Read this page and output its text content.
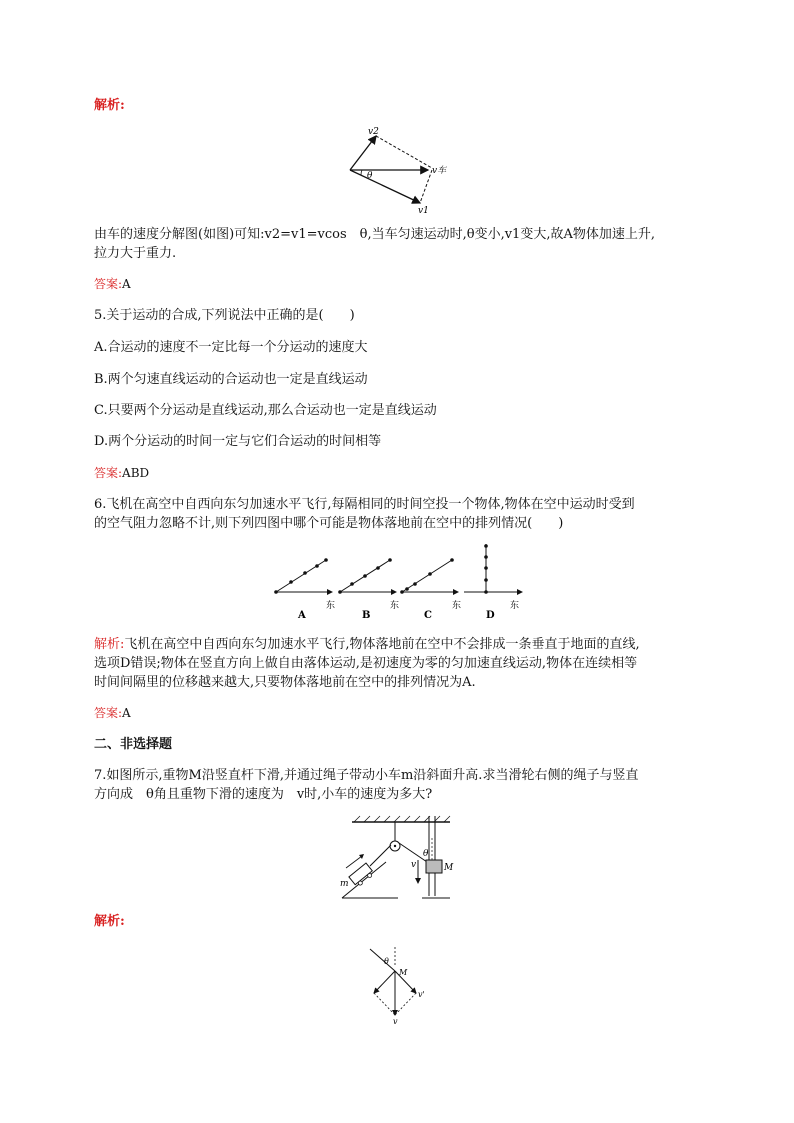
解析:
v2
θ	v车
v1
由车的速度分解图(如图)可知:v2=v1=vcos　θ,当车匀速运动时,θ变小,v1变大,故A物体加速上升,
拉力大于重力.
答案:A
5.关于运动的合成,下列说法中正确的是(　　)
A.合运动的速度不一定比每一个分运动的速度大
B.两个匀速直线运动的合运动也一定是直线运动
C.只要两个分运动是直线运动,那么合运动也一定是直线运动
D.两个分运动的时间一定与它们合运动的时间相等
答案:ABD
6.飞机在高空中自西向东匀加速水平飞行,每隔相同的时间空投一个物体,物体在空中运动时受到
的空气阻力忽略不计,则下列四图中哪个可能是物体落地前在空中的排列情况(　　)
A
东
B
东
C
东
D
东
解析:飞机在高空中自西向东匀加速水平飞行,物体落地前在空中不会排成一条垂直于地面的直线,
选项D错误;物体在竖直方向上做自由落体运动,是初速度为零的匀加速直线运动,物体在连续相等
时间间隔里的位移越来越大,只要物体落地前在空中的排列情况为A.
答案:A
二、非选择题
7.如图所示,重物M沿竖直杆下滑,并通过绳子带动小车m沿斜面升高.求当滑轮右侧的绳子与竖直
方向成　θ角且重物下滑的速度为　v时,小车的速度为多大?
θ
M
v
m
解析:
θ
M
v'
v
